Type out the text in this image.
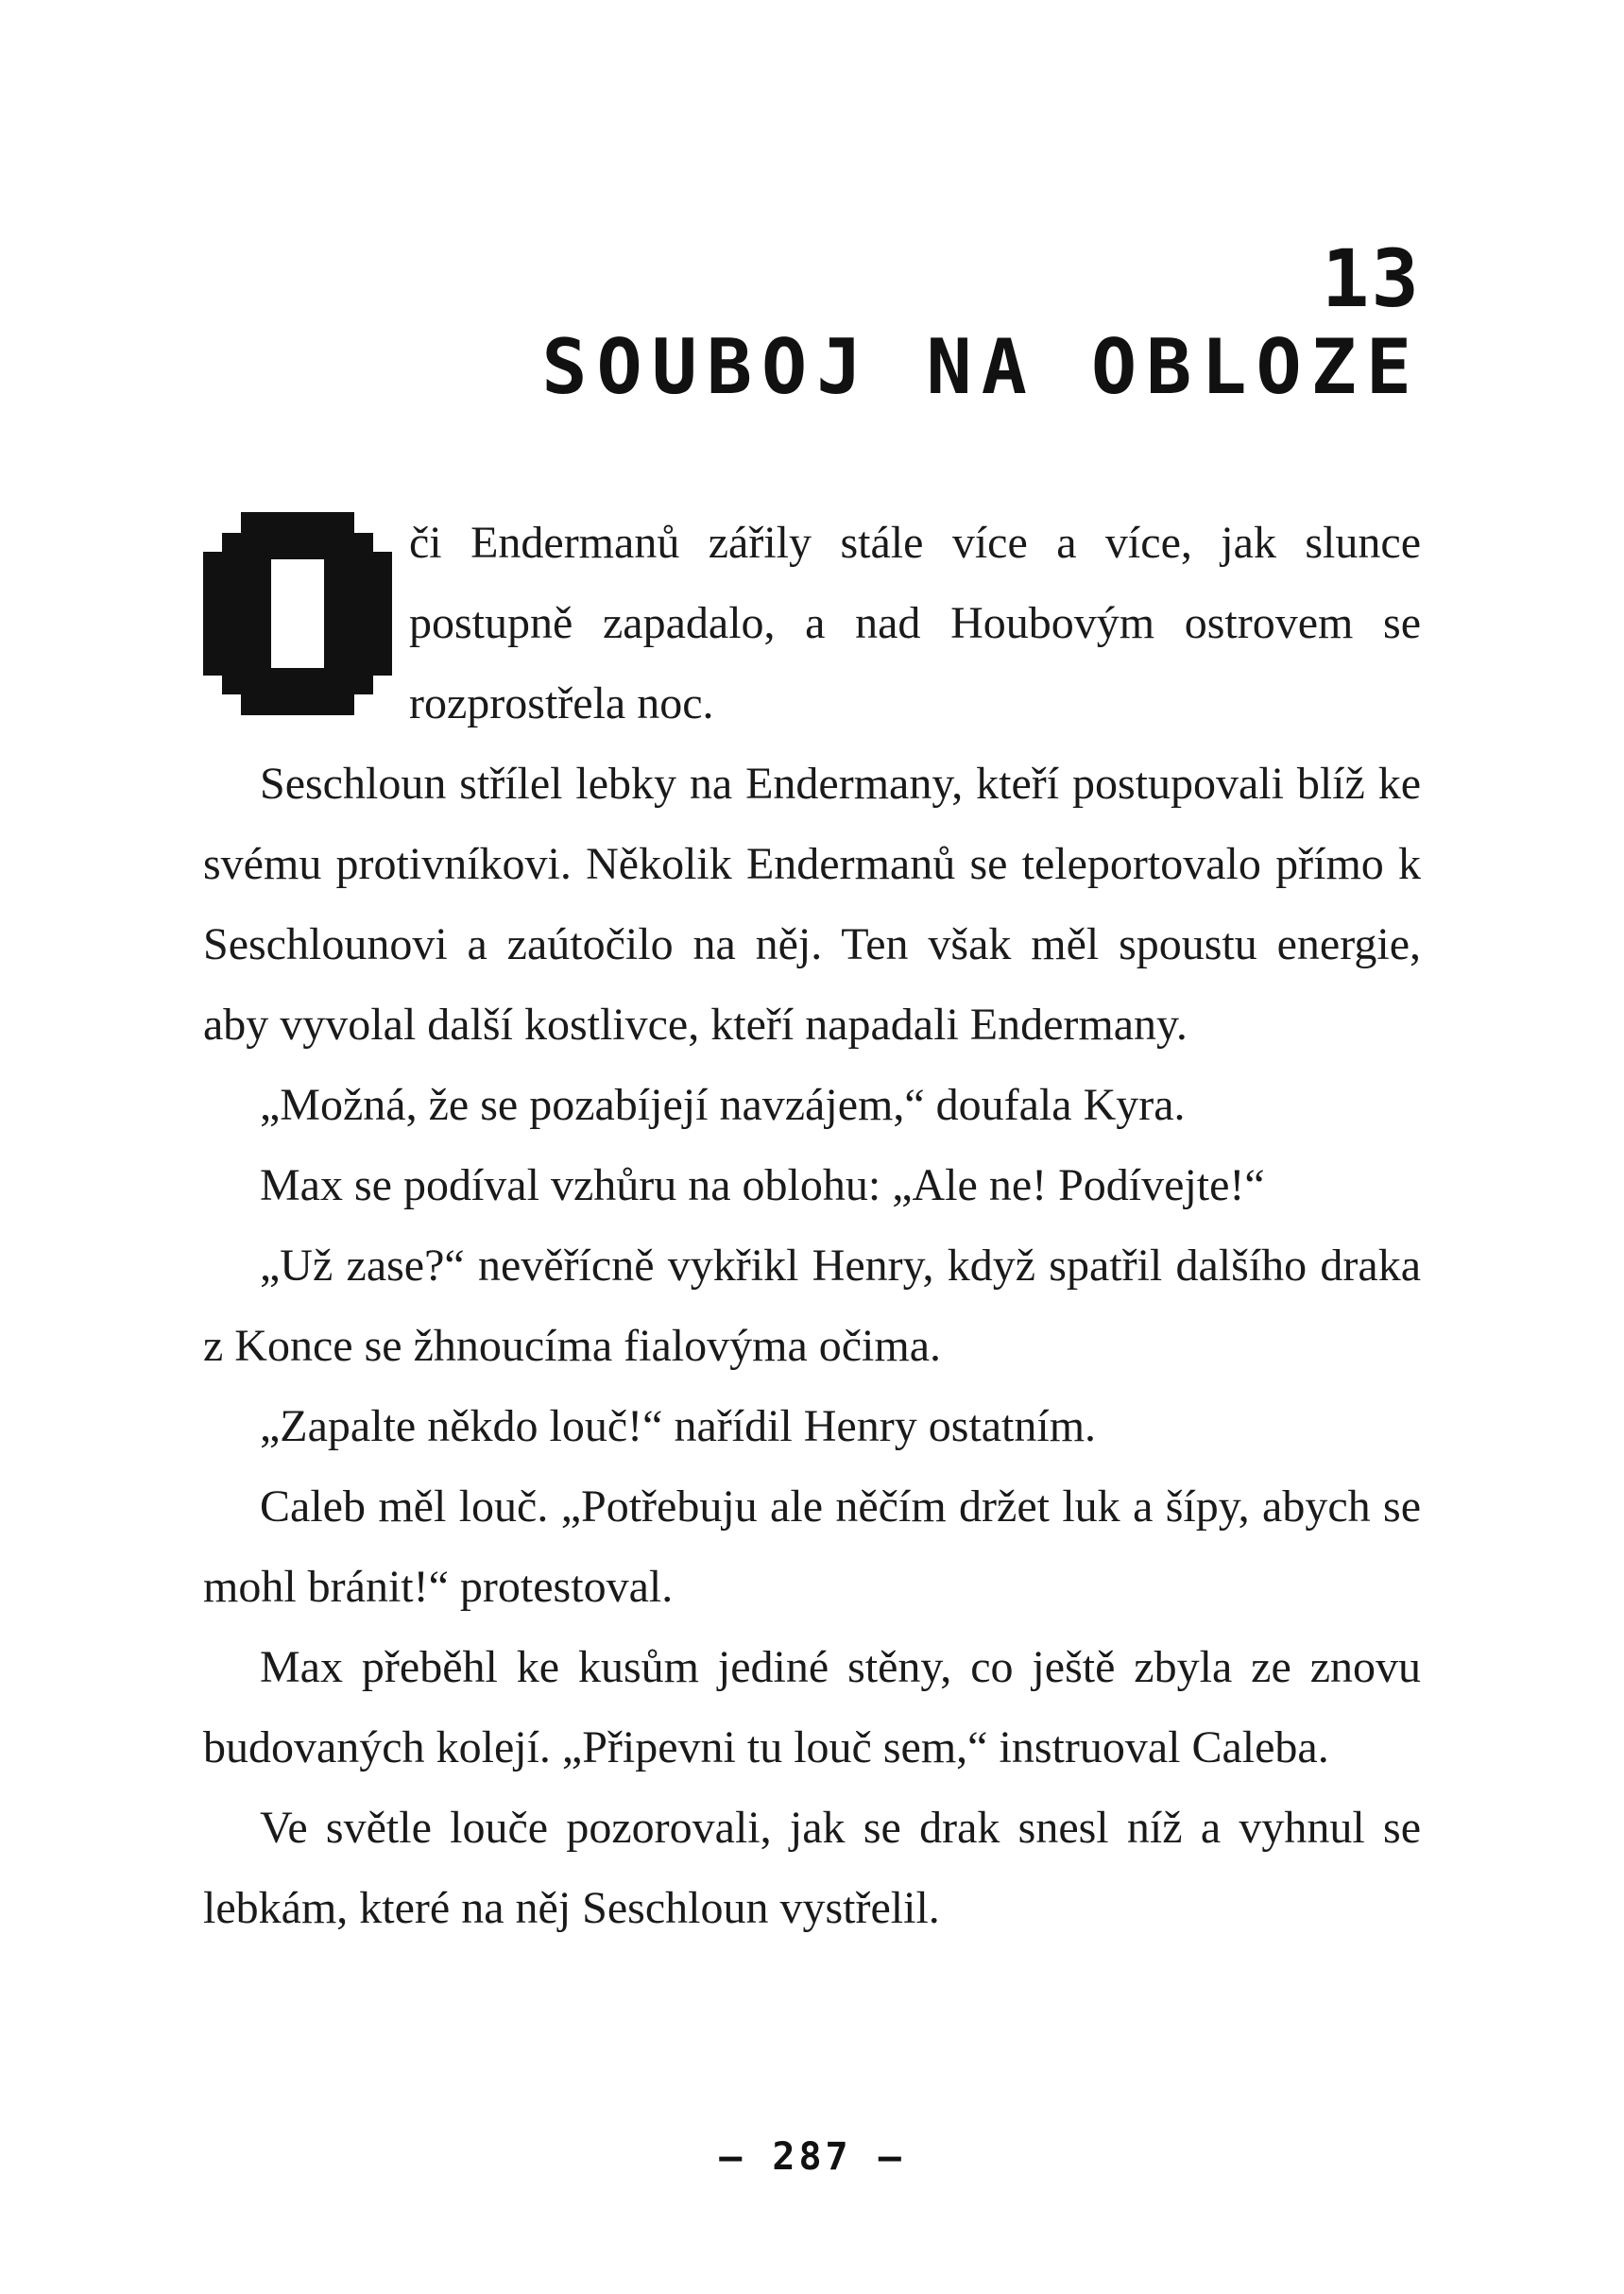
13
SOUBOJ NA OBLOZE

či Endermanů zářily stále více a více, jak slunce postupně zapadalo, a nad Houbovým ostrovem se rozprostřela noc.

Seschloun střílel lebky na Endermany, kteří postupovali blíž ke svému protivníkovi. Několik Endermanů se teleportovalo přímo k Seschlounovi a zaútočilo na něj. Ten však měl spoustu energie, aby vyvolal další kostlivce, kteří napadali Endermany.

„Možná, že se pozabíjejí navzájem,“ doufala Kyra.

Max se podíval vzhůru na oblohu: „Ale ne! Podívejte!“

„Už zase?“ nevěřícně vykřikl Henry, když spatřil dalšího draka z Konce se žhnoucíma fialovýma očima.

„Zapalte někdo louč!“ nařídil Henry ostatním.

Caleb měl louč. „Potřebuju ale něčím držet luk a šípy, abych se mohl bránit!“ protestoval.

Max přeběhl ke kusům jediné stěny, co ještě zbyla ze znovu budovaných kolejí. „Připevni tu louč sem,“ instruoval Caleba.

Ve světle louče pozorovali, jak se drak snesl níž a vyhnul se lebkám, které na něj Seschloun vystřelil.

– 287 –
